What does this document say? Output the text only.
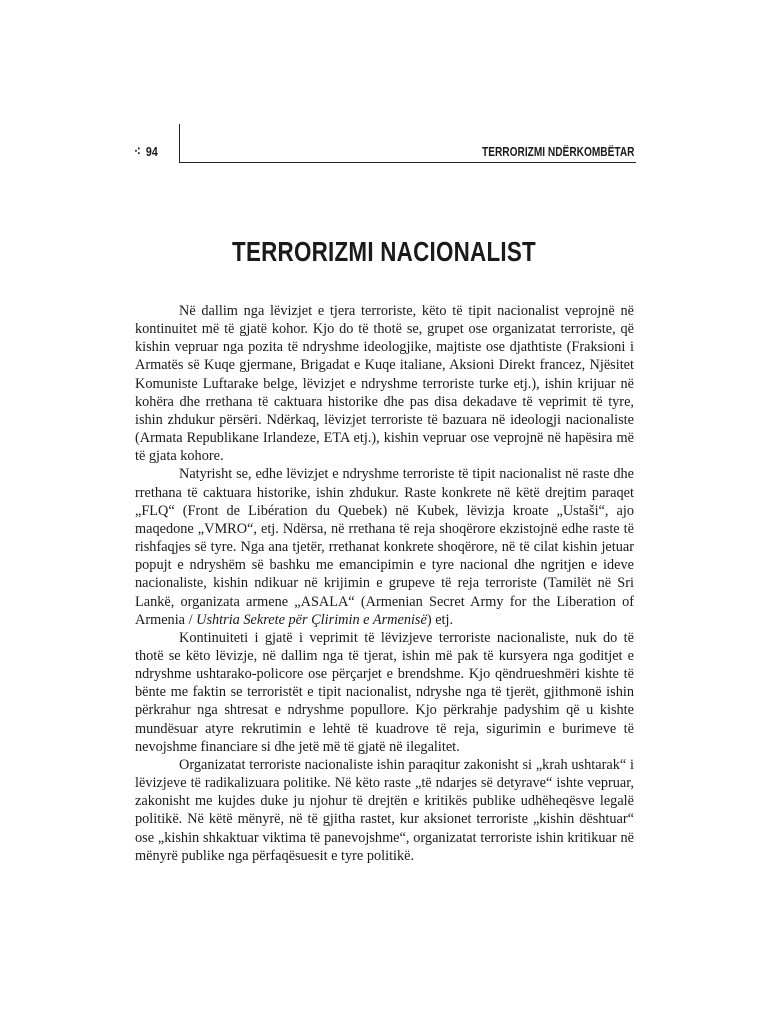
⁖ 94	TERRORIZMI NDËRKOMBËTAR
TERRORIZMI NACIONALIST

Në dallim nga lëvizjet e tjera terroriste, këto të tipit nacionalist veprojnë në kontinuitet më të gjatë kohor. Kjo do të thotë se, grupet ose organizatat terroriste, që kishin vepruar nga pozita të ndryshme ideologjike, majtiste ose djathtiste (Fraksioni i Armatës së Kuqe gjermane, Brigadat e Kuqe italiane, Aksioni Direkt francez, Njësitet Komuniste Luftarake belge, lëvizjet e ndryshme terroriste turke etj.), ishin krijuar në kohëra dhe rrethana të caktuara historike dhe pas disa dekadave të veprimit të tyre, ishin zhdukur përsëri. Ndërkaq, lëvizjet terroriste të bazuara në ideologji nacionaliste (Armata Republikane Irlandeze, ETA etj.), kishin vepruar ose veprojnë në hapësira më të gjata kohore.

Natyrisht se, edhe lëvizjet e ndryshme terroriste të tipit nacionalist në raste dhe rrethana të caktuara historike, ishin zhdukur. Raste konkrete në këtë drejtim paraqet „FLQ“ (Front de Libération du Quebek) në Kubek, lëvizja kroate „Ustaši“, ajo maqedone „VMRO“, etj. Ndërsa, në rrethana të reja shoqërore ekzistojnë edhe raste të rishfaqjes së tyre. Nga ana tjetër, rrethanat konkrete shoqërore, në të cilat kishin jetuar popujt e ndryshëm së bashku me emancipimin e tyre nacional dhe ngritjen e ideve nacionaliste, kishin ndikuar në krijimin e grupeve të reja terroriste (Tamilët në Sri Lankë, organizata armene „ASALA“ (Armenian Secret Army for the Liberation of Armenia / Ushtria Sekrete për Çlirimin e Armenisë) etj.

Kontinuiteti i gjatë i veprimit të lëvizjeve terroriste nacionaliste, nuk do të thotë se këto lëvizje, në dallim nga të tjerat, ishin më pak të kursyera nga goditjet e ndryshme ushtarako-policore ose përçarjet e brendshme. Kjo qëndrueshmëri kishte të bënte me faktin se terroristët e tipit nacionalist, ndryshe nga të tjerët, gjithmonë ishin përkrahur nga shtresat e ndryshme popullore. Kjo përkrahje padyshim që u kishte mundësuar atyre rekrutimin e lehtë të kuadrove të reja, sigurimin e burimeve të nevojshme financiare si dhe jetë më të gjatë në ilegalitet.

Organizatat terroriste nacionaliste ishin paraqitur zakonisht si „krah ushtarak“ i lëvizjeve të radikalizuara politike. Në këto raste „të ndarjes së detyrave“ ishte vepruar, zakonisht me kujdes duke ju njohur të drejtën e kritikës publike udhëheqësve legalë politikë. Në këtë mënyrë, në të gjitha rastet, kur aksionet terroriste „kishin dështuar“ ose „kishin shkaktuar viktima të panevojshme“, organizatat terroriste ishin kritikuar në mënyrë publike nga përfaqësuesit e tyre politikë.
